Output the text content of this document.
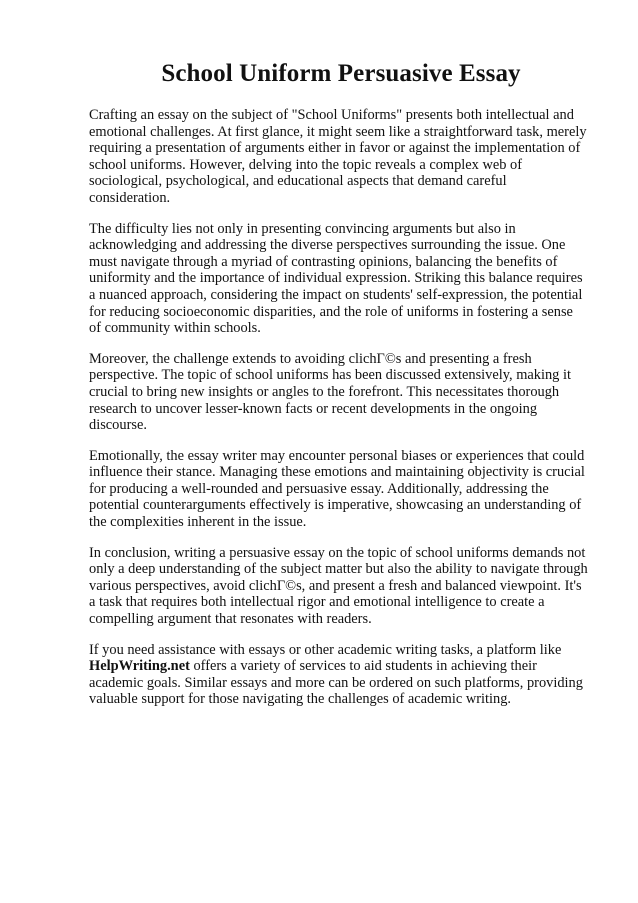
School Uniform Persuasive Essay

Crafting an essay on the subject of "School Uniforms" presents both intellectual and emotional challenges. At first glance, it might seem like a straightforward task, merely requiring a presentation of arguments either in favor or against the implementation of school uniforms. However, delving into the topic reveals a complex web of sociological, psychological, and educational aspects that demand careful consideration.

The difficulty lies not only in presenting convincing arguments but also in acknowledging and addressing the diverse perspectives surrounding the issue. One must navigate through a myriad of contrasting opinions, balancing the benefits of uniformity and the importance of individual expression. Striking this balance requires a nuanced approach, considering the impact on students' self-expression, the potential for reducing socioeconomic disparities, and the role of uniforms in fostering a sense of community within schools.

Moreover, the challenge extends to avoiding clichГ©s and presenting a fresh perspective. The topic of school uniforms has been discussed extensively, making it crucial to bring new insights or angles to the forefront. This necessitates thorough research to uncover lesser-known facts or recent developments in the ongoing discourse.

Emotionally, the essay writer may encounter personal biases or experiences that could influence their stance. Managing these emotions and maintaining objectivity is crucial for producing a well-rounded and persuasive essay. Additionally, addressing the potential counterarguments effectively is imperative, showcasing an understanding of the complexities inherent in the issue.

In conclusion, writing a persuasive essay on the topic of school uniforms demands not only a deep understanding of the subject matter but also the ability to navigate through various perspectives, avoid clichГ©s, and present a fresh and balanced viewpoint. It's a task that requires both intellectual rigor and emotional intelligence to create a compelling argument that resonates with readers.

If you need assistance with essays or other academic writing tasks, a platform like HelpWriting.net offers a variety of services to aid students in achieving their academic goals. Similar essays and more can be ordered on such platforms, providing valuable support for those navigating the challenges of academic writing.
